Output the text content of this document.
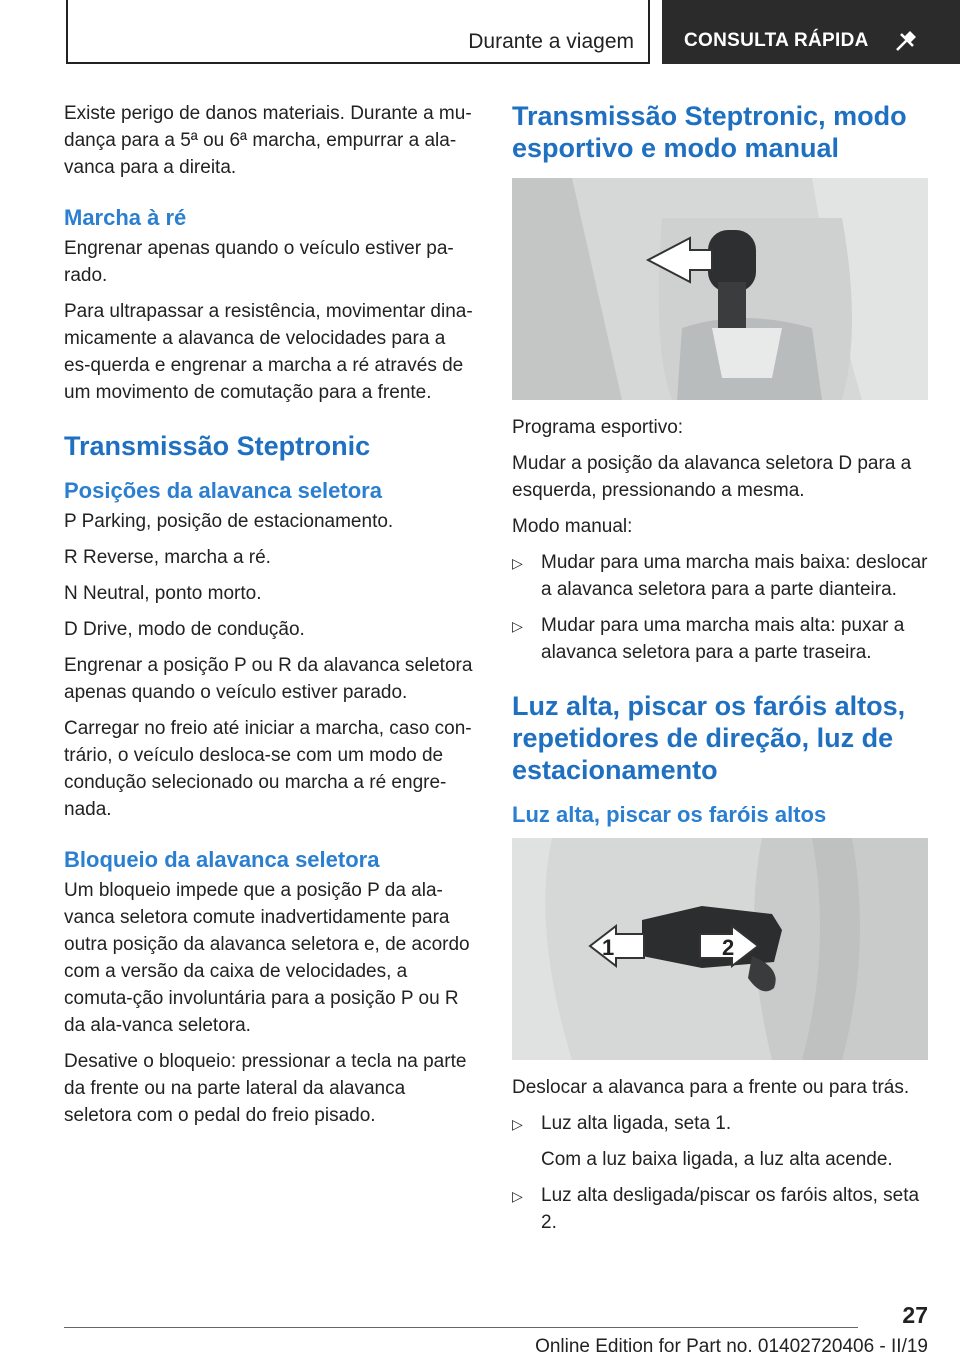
Durante a viagem	CONSULTA RÁPIDA

Existe perigo de danos materiais. Durante a mu‐dança para a 5ª ou 6ª marcha, empurrar a ala‐vanca para a direita.

Marcha à ré

Engrenar apenas quando o veículo estiver pa‐rado.

Para ultrapassar a resistência, movimentar dina‐micamente a alavanca de velocidades para a es‐querda e engrenar a marcha a ré através de um movimento de comutação para a frente.

Transmissão Steptronic
Posições da alavanca seletora

P Parking, posição de estacionamento.

R Reverse, marcha a ré.

N Neutral, ponto morto.

D Drive, modo de condução.

Engrenar a posição P ou R da alavanca seletora apenas quando o veículo estiver parado.

Carregar no freio até iniciar a marcha, caso con‐trário, o veículo desloca-se com um modo de condução selecionado ou marcha a ré engre‐nada.

Bloqueio da alavanca seletora

Um bloqueio impede que a posição P da ala‐vanca seletora comute inadvertidamente para outra posição da alavanca seletora e, de acordo com a versão da caixa de velocidades, a comuta‐ção involuntária para a posição P ou R da ala‐vanca seletora.

Desative o bloqueio: pressionar a tecla na parte da frente ou na parte lateral da alavanca seletora com o pedal do freio pisado.

Transmissão Steptronic, modo esportivo e modo manual

Programa esportivo:

Mudar a posição da alavanca seletora D para a esquerda, pressionando a mesma.

Modo manual:

▷ Mudar para uma marcha mais baixa: deslocar a alavanca seletora para a parte dianteira.
▷ Mudar para uma marcha mais alta: puxar a alavanca seletora para a parte traseira.
Luz alta, piscar os faróis altos, repetidores de direção, luz de estacionamento
Luz alta, piscar os faróis altos
1	2

Deslocar a alavanca para a frente ou para trás.

▷ Luz alta ligada, seta 1.
Com a luz baixa ligada, a luz alta acende.
▷ Luz alta desligada/piscar os faróis altos, seta 2.
27
Online Edition for Part no. 01402720406 - II/19
